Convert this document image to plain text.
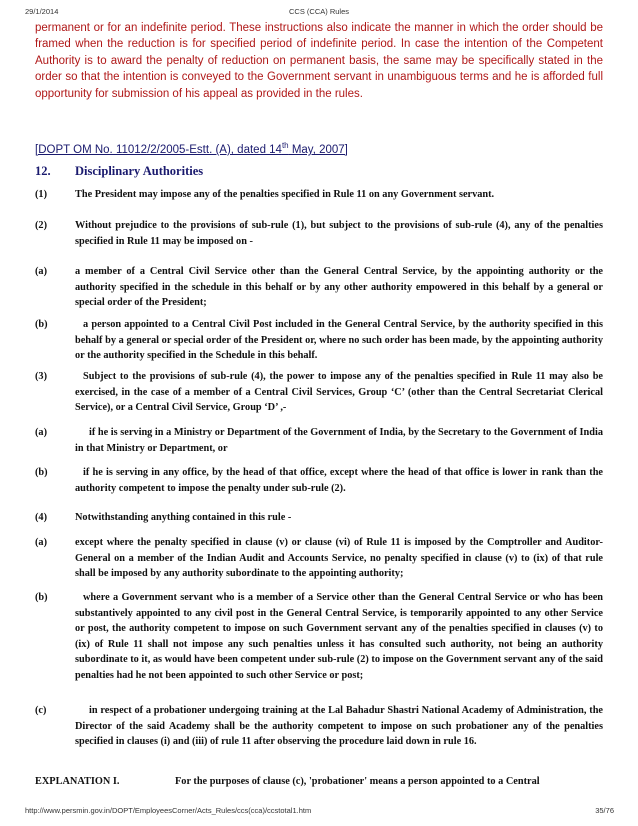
29/1/2014	CCS (CCA) Rules
permanent or for an indefinite period. These instructions also indicate the manner in which the order should be framed when the reduction is for specified period of indefinite period. In case the intention of the Competent Authority is to award the penalty of reduction on permanent basis, the same may be specifically stated in the order so that the intention is conveyed to the Government servant in unambiguous terms and he is afforded full opportunity for submission of his appeal as provided in the rules.
[DOPT OM No. 11012/2/2005-Estt. (A), dated 14th May, 2007]
12. Disciplinary Authorities
(1)	The President may impose any of the penalties specified in Rule 11 on any Government servant.
(2)	Without prejudice to the provisions of sub-rule (1), but subject to the provisions of sub-rule (4), any of the penalties specified in Rule 11 may be imposed on -
(a)	a member of a Central Civil Service other than the General Central Service, by the appointing authority or the authority specified in the schedule in this behalf or by any other authority empowered in this behalf by a general or special order of the President;
(b)	a person appointed to a Central Civil Post included in the General Central Service, by the authority specified in this behalf by a general or special order of the President or, where no such order has been made, by the appointing authority or the authority specified in the Schedule in this behalf.
(3)	Subject to the provisions of sub-rule (4), the power to impose any of the penalties specified in Rule 11 may also be exercised, in the case of a member of a Central Civil Services, Group ‘C’ (other than the Central Secretariat Clerical Service), or a Central Civil Service, Group ‘D’ ,-
(a)	if he is serving in a Ministry or Department of the Government of India, by the Secretary to the Government of India in that Ministry or Department, or
(b)	if he is serving in any office, by the head of that office, except where the head of that office is lower in rank than the authority competent to impose the penalty under sub-rule (2).
(4)	Notwithstanding anything contained in this rule -
(a)	except where the penalty specified in clause (v) or clause (vi) of Rule 11 is imposed by the Comptroller and Auditor-General on a member of the Indian Audit and Accounts Service, no penalty specified in clause (v) to (ix) of that rule shall be imposed by any authority subordinate to the appointing authority;
(b)	where a Government servant who is a member of a Service other than the General Central Service or who has been substantively appointed to any civil post in the General Central Service, is temporarily appointed to any other Service or post, the authority competent to impose on such Government servant any of the penalties specified in clauses (v) to (ix) of Rule 11 shall not impose any such penalties unless it has consulted such authority, not being an authority subordinate to it, as would have been competent under sub-rule (2) to impose on the Government servant any of the said penalties had he not been appointed to such other Service or post;
(c)	in respect of a probationer undergoing training at the Lal Bahadur Shastri National Academy of Administration, the Director of the said Academy shall be the authority competent to impose on such probationer any of the penalties specified in clauses (i) and (iii) of rule 11 after observing the procedure laid down in rule 16.
EXPLANATION I.	For the purposes of clause (c), 'probationer' means a person appointed to a Central
http://www.persmin.gov.in/DOPT/EmployeesCorner/Acts_Rules/ccs(cca)/ccstotal1.htm	35/76
